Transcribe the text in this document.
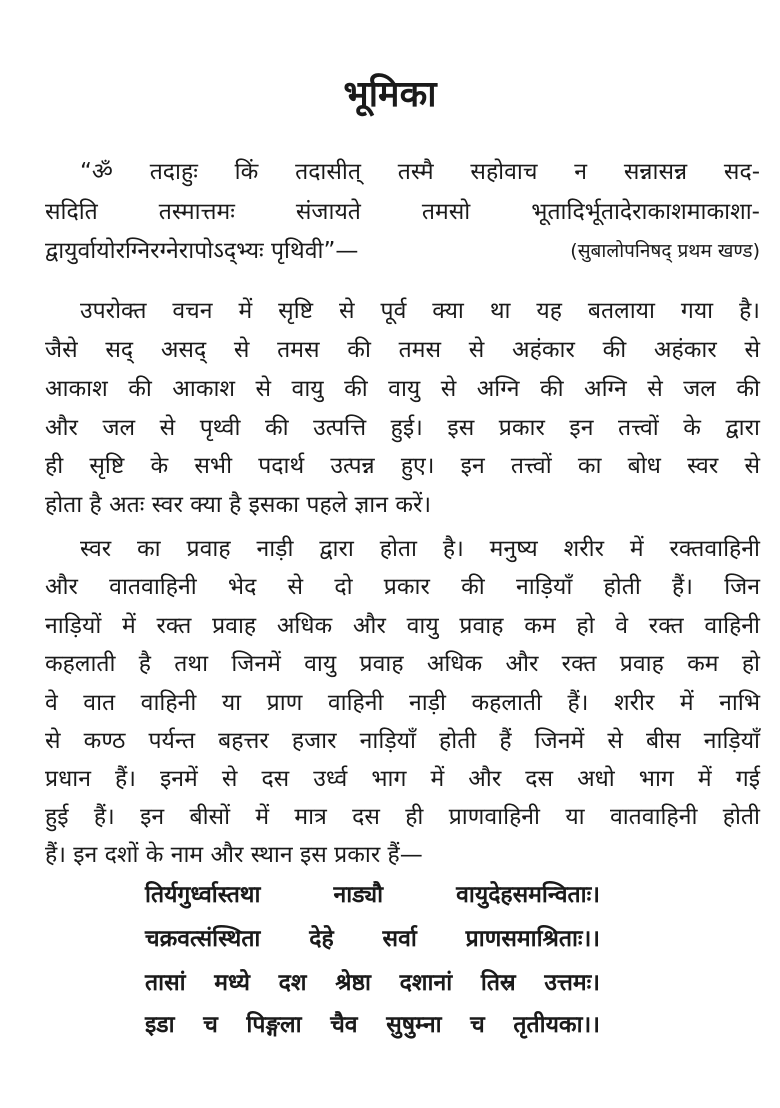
भूमिका
“ॐ तदाहुः किं तदासीत् तस्मै सहोवाच न सन्नासन्न सद-
सदिति तस्मात्तमः संजायते तमसो भूतादिर्भूतादेराकाशमाकाशा-
द्वायुर्वायोरग्निरग्नेरापोऽद्भ्यः पृथिवी”—	(सुबालोपनिषद् प्रथम खण्ड)
उपरोक्त वचन में सृष्टि से पूर्व क्या था यह बतलाया गया है।
जैसे सद् असद् से तमस की तमस से अहंकार की अहंकार से
आकाश की आकाश से वायु की वायु से अग्नि की अग्नि से जल की
और जल से पृथ्वी की उत्पत्ति हुई। इस प्रकार इन तत्त्वों के द्वारा
ही सृष्टि के सभी पदार्थ उत्पन्न हुए। इन तत्त्वों का बोध स्वर से
होता है अतः स्वर क्या है इसका पहले ज्ञान करें।
स्वर का प्रवाह नाड़ी द्वारा होता है। मनुष्य शरीर में रक्तवाहिनी
और वातवाहिनी भेद से दो प्रकार की नाड़ियाँ होती हैं। जिन
नाड़ियों में रक्त प्रवाह अधिक और वायु प्रवाह कम हो वे रक्त वाहिनी
कहलाती है तथा जिनमें वायु प्रवाह अधिक और रक्त प्रवाह कम हो
वे वात वाहिनी या प्राण वाहिनी नाड़ी कहलाती हैं। शरीर में नाभि
से कण्ठ पर्यन्त बहत्तर हजार नाड़ियाँ होती हैं जिनमें से बीस नाड़ियाँ
प्रधान हैं। इनमें से दस उर्ध्व भाग में और दस अधो भाग में गई
हुई हैं। इन बीसों में मात्र दस ही प्राणवाहिनी या वातवाहिनी होती
हैं। इन दशों के नाम और स्थान इस प्रकार हैं—
तिर्यगुर्ध्वास्तथा नाड्यौ वायुदेहसमन्विताः।
चक्रवत्संस्थिता देहे सर्वा प्राणसमाश्रिताः।।
तासां मध्ये दश श्रेष्ठा दशानां तिस्र उत्तमः।
इडा च पिङ्गला चैव सुषुम्ना च तृतीयका।।
